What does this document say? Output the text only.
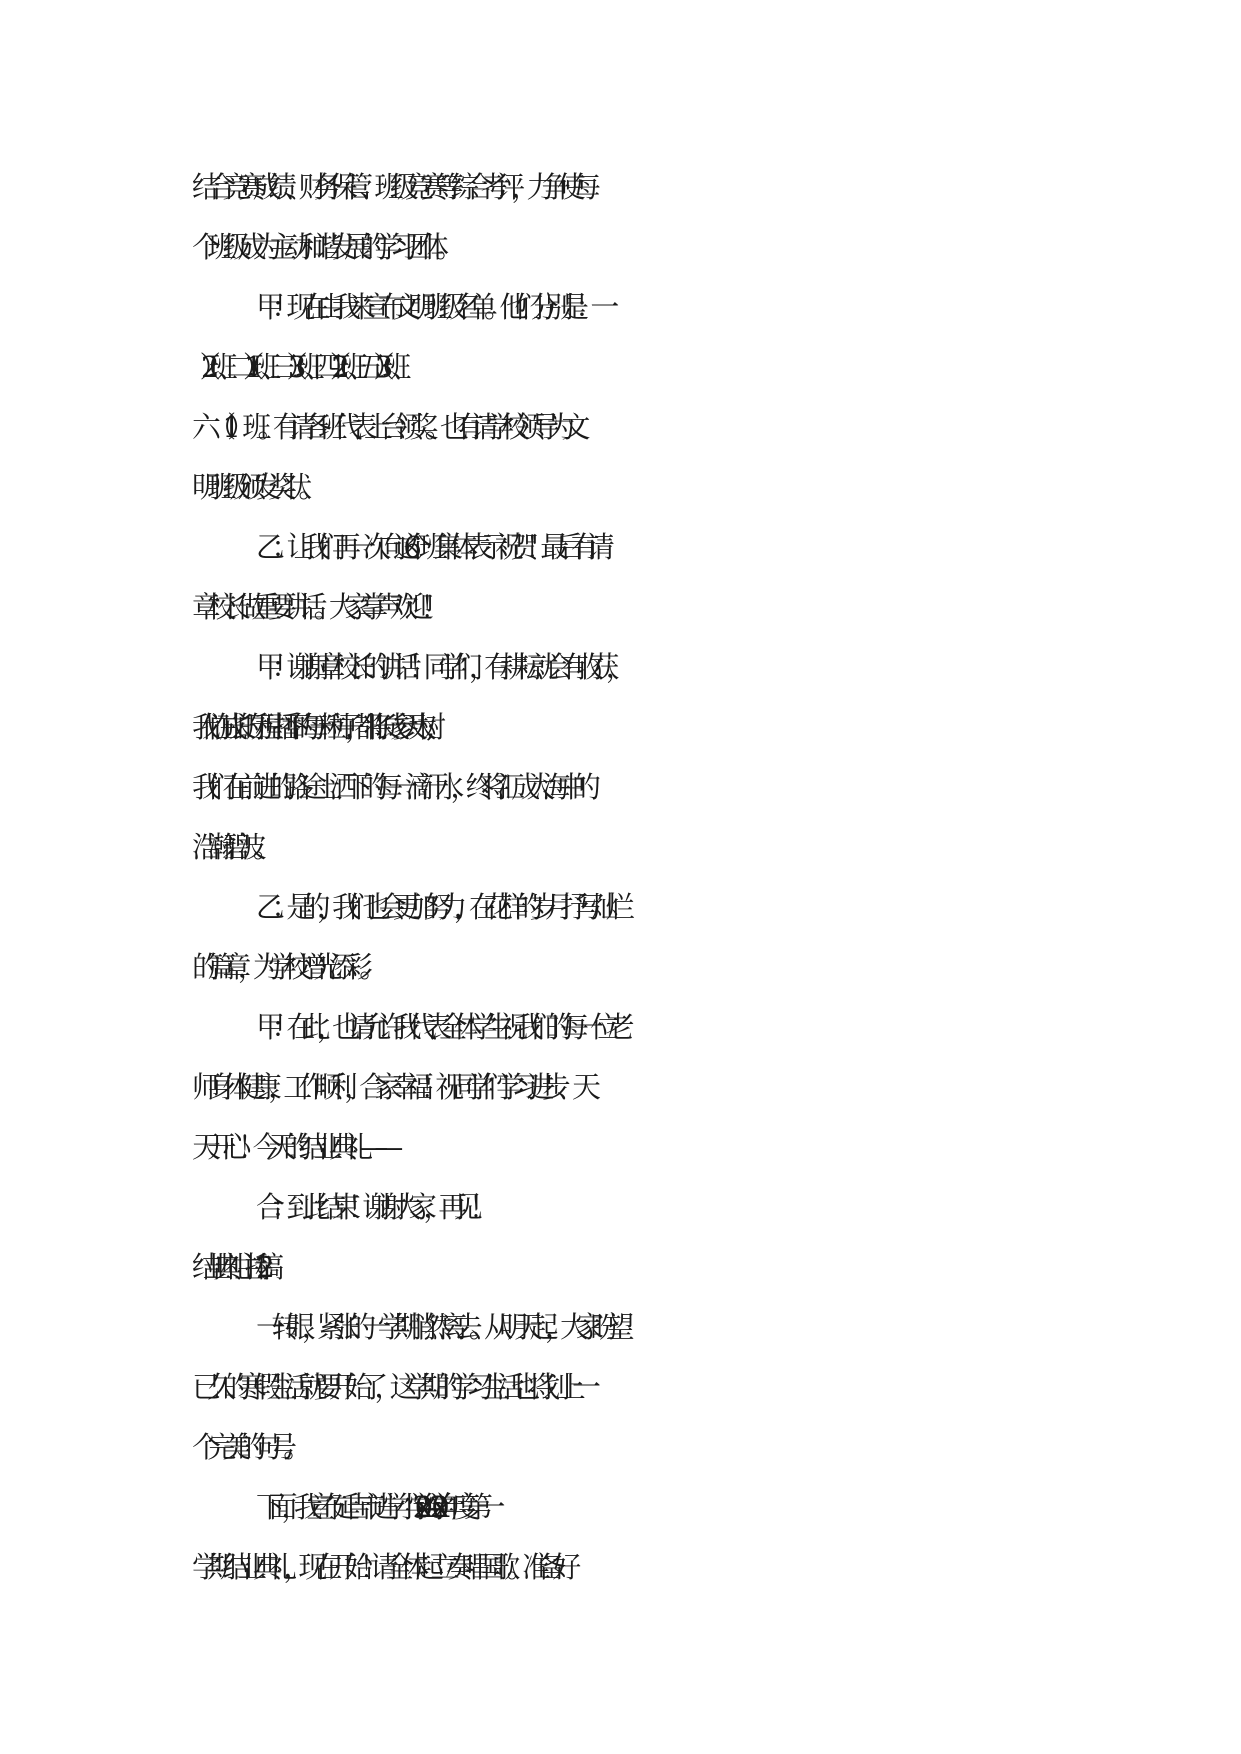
结合竞赛成绩、财务保管、班级竞赛等综合考评，力争使每
个班级成为主动和谐发展的学习团体。
甲：现在由我来宣布文明班级名单。他们分别是：一
（2）班、二（1）班、三（3）班、四（2）班、五（3）班、
六（1）班。有请各班代表上台领奖。也有请学校领导为文
明班级颁发奖状。
乙：让我们再一次向这 6 个班集体表示祝贺！最后有请
章校长做重要讲话。大家掌声欢迎！
甲：谢谢章校长的讲话！同学们，有耕耘就会有收获，
我们在成长的历程中播下的每一粒种子，都将长成参天大树;
我们在前进的路途上洒下的每一滴汗水，终将汇成大海中的
浩瀚碧波。
乙：是的，我们也会更加努力，在花样的岁月抒写灿烂
的篇章，为学校增光添彩。
甲：在此，也请允许我代表全体学生祝我们的每一位老
师身体健康，工作顺利，合家幸福！祝同学们学习进步、天
天开心！今天的结业典礼——
合：到此结束！谢谢大家，再见！
结业典礼主持稿 2
一转眼，紧张的一学期悄然离去。从明天起，大家盼望
已久的寒假生活就要开始了，这学期的学习生活也将划上一
个完美的句号。
下面，我宣布延吉市进学小学 20xx—20xx 学年度第一
学期结业典礼，现在开始！ 请全体起立奏唱国歌。准备好
